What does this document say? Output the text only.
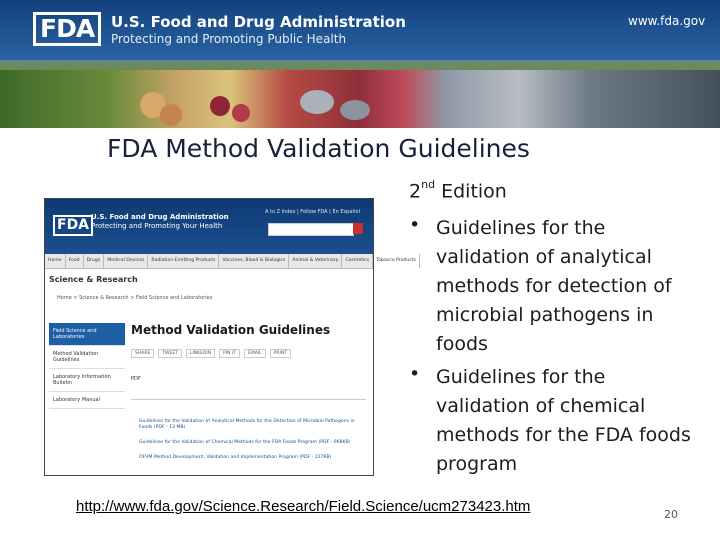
FDA	U.S. Food and Drug Administration
Protecting and Promoting Public Health
www.fda.gov
FDA Method Validation Guidelines
FDA U.S. Food and Drug Administration
Protecting and Promoting Your Health
A to Z Index | Follow FDA | En Español
Home	Food	Drugs	Medical Devices	Radiation-Emitting Products	Vaccines, Blood & Biologics	Animal & Veterinary	Cosmetics	Tobacco Products
Science & Research
Home > Science & Research > Field Science and Laboratories
Field Science and Laboratories
Method Validation Guidelines
Laboratory Information Bulletin
Laboratory Manual
Method Validation Guidelines
SHARE	TWEET	LINKEDIN	PIN IT	EMAIL	PRINT
PDF
Guidelines for the Validation of Analytical Methods for the Detection of Microbial Pathogens in Foods (PDF - 13 MB)
Guidelines for the Validation of Chemical Methods for the FDA Foods Program (PDF - 968KB)
OFVM Method Development, Validation and Implementation Program (PDF - 227KB)
2nd Edition
• Guidelines for the validation of analytical methods for detection of microbial pathogens in foods
• Guidelines for the validation of chemical methods for the FDA foods program
http://www.fda.gov/Science.Research/Field.Science/ucm273423.htm	20
